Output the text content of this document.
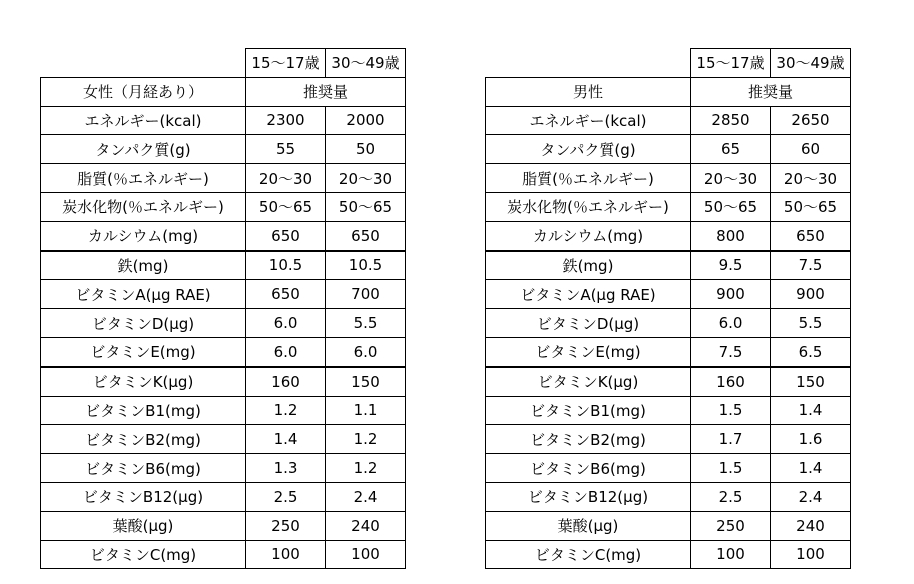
	15〜17歳	30〜49歳
女性（月経あり）	推奨量	
エネルギー(kcal)	2300	2000
タンパク質(g)	55	50
脂質(％エネルギー)	20〜30	20〜30
炭水化物(％エネルギー)	50〜65	50〜65
カルシウム(mg)	650	650
鉄(mg)	10.5	10.5
ビタミンA(μg RAE)	650	700
ビタミンD(μg)	6.0	5.5
ビタミンE(mg)	6.0	6.0
ビタミンK(μg)	160	150
ビタミンB1(mg)	1.2	1.1
ビタミンB2(mg)	1.4	1.2
ビタミンB6(mg)	1.3	1.2
ビタミンB12(μg)	2.5	2.4
葉酸(μg)	250	240
ビタミンC(mg)	100	100
	15〜17歳	30〜49歳
男性	推奨量	
エネルギー(kcal)	2850	2650
タンパク質(g)	65	60
脂質(％エネルギー)	20〜30	20〜30
炭水化物(％エネルギー)	50〜65	50〜65
カルシウム(mg)	800	650
鉄(mg)	9.5	7.5
ビタミンA(μg RAE)	900	900
ビタミンD(μg)	6.0	5.5
ビタミンE(mg)	7.5	6.5
ビタミンK(μg)	160	150
ビタミンB1(mg)	1.5	1.4
ビタミンB2(mg)	1.7	1.6
ビタミンB6(mg)	1.5	1.4
ビタミンB12(μg)	2.5	2.4
葉酸(μg)	250	240
ビタミンC(mg)	100	100
